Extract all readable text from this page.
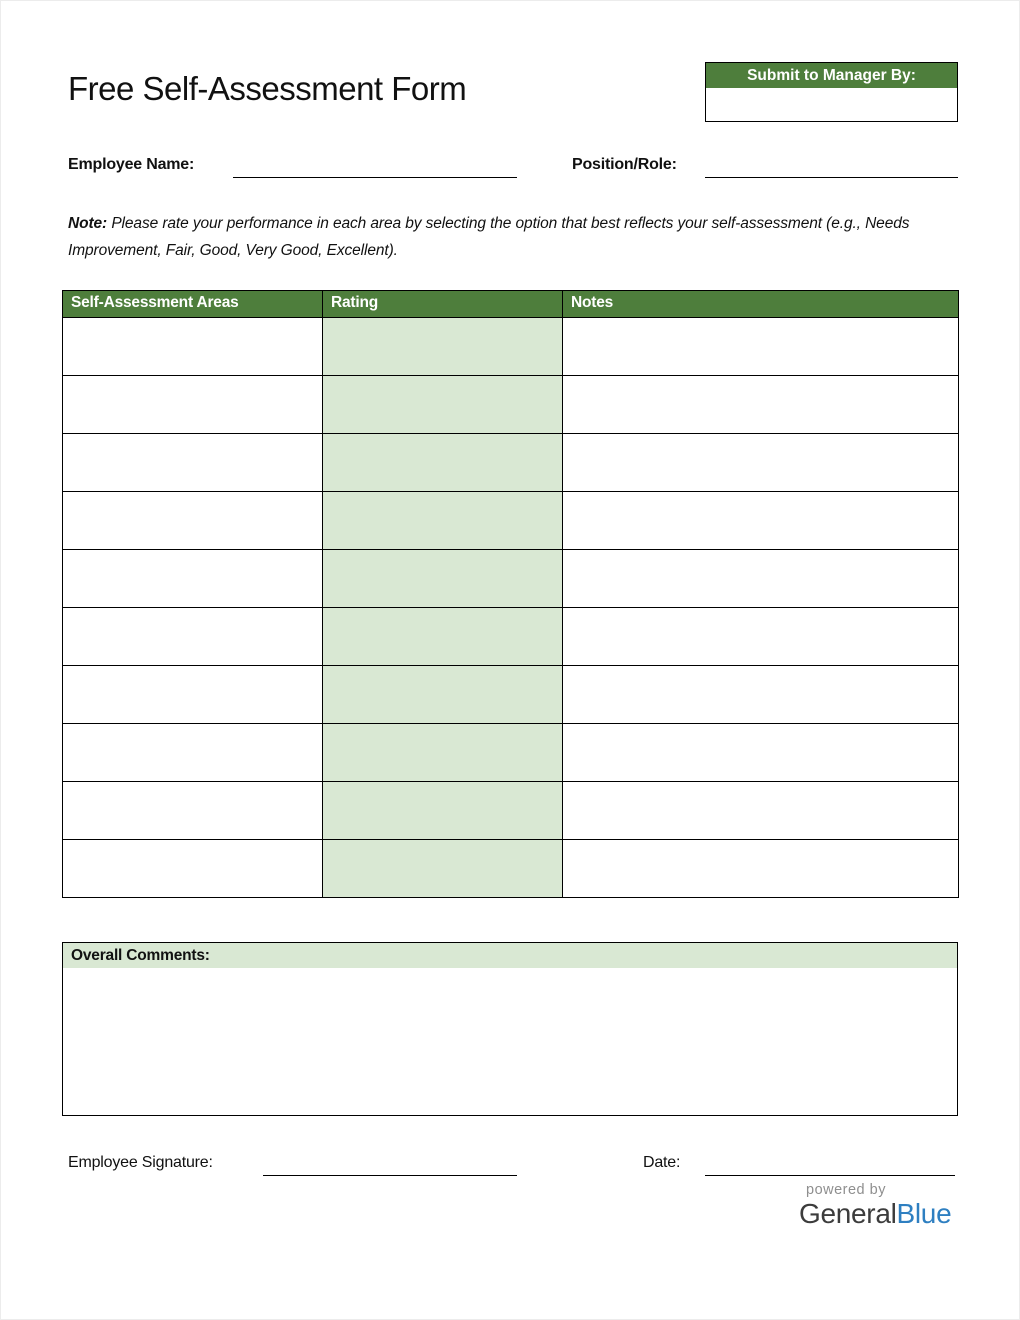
Free Self-Assessment Form	Submit to Manager By:
Employee Name:	Position/Role:
Note: Please rate your performance in each area by selecting the option that best reflects your self-assessment (e.g., Needs Improvement, Fair, Good, Very Good, Excellent).
Self-Assessment Areas	Rating	Notes

Overall Comments:
Employee Signature:	Date:
powered by
GeneralBlue
